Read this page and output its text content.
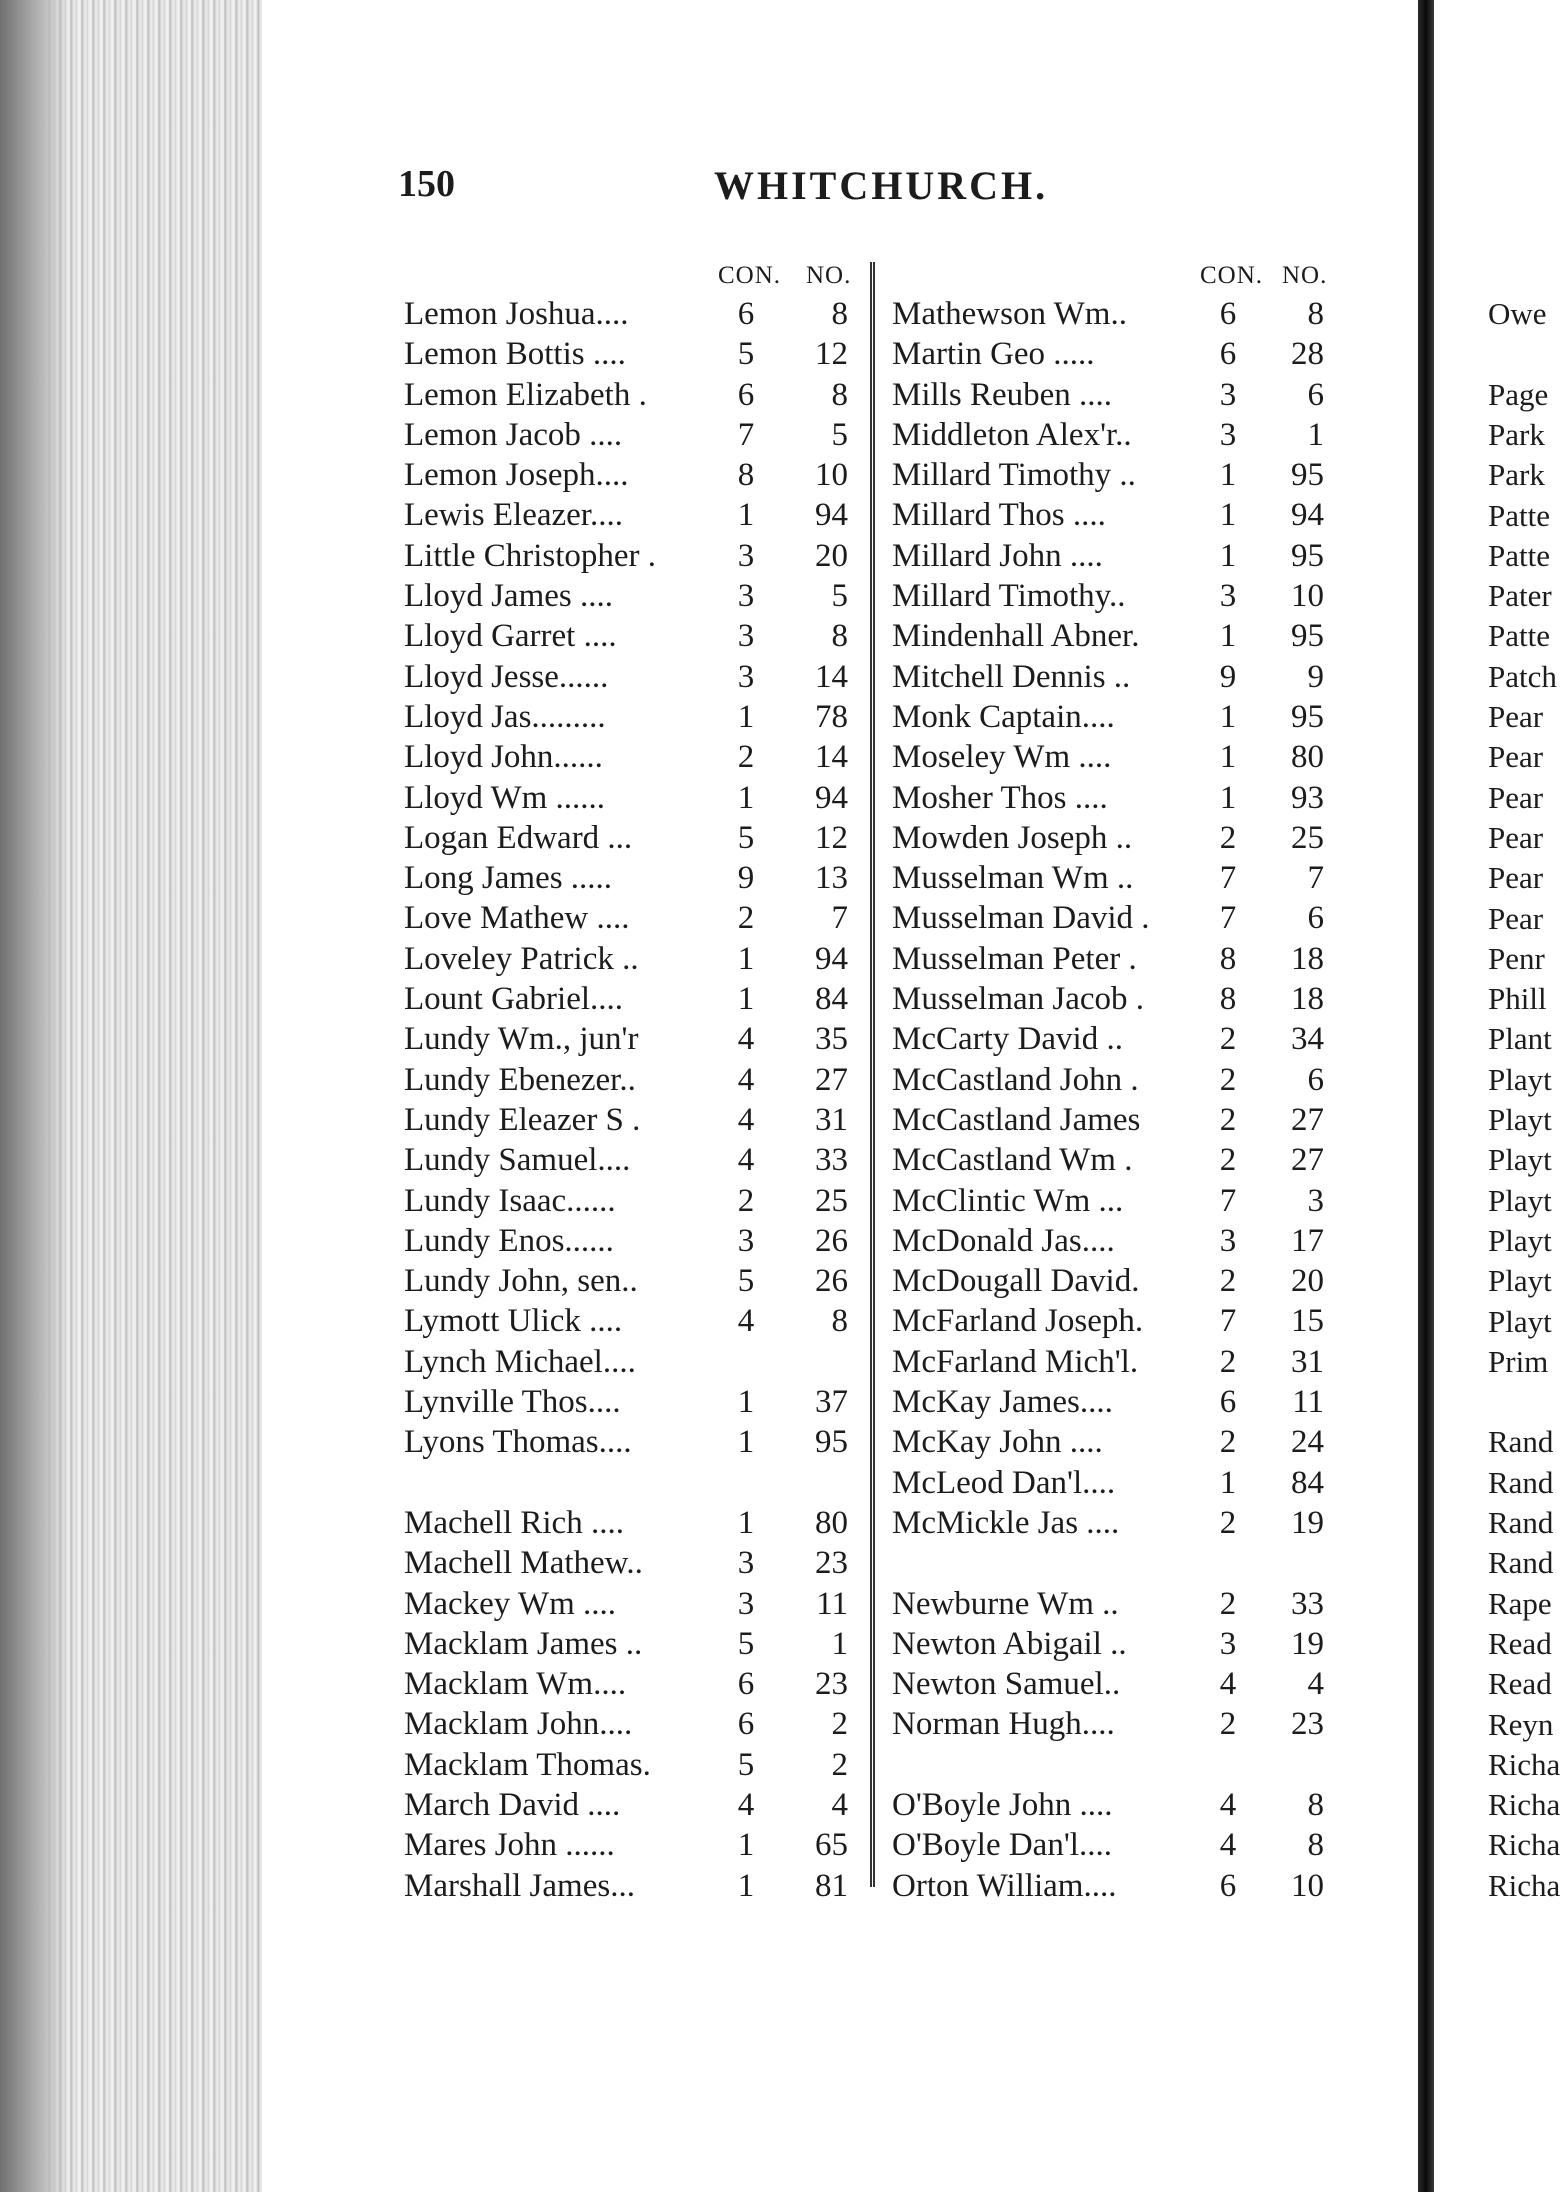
150	WHITCHURCH.
CON. NO.
Lemon Joshua....	6	8
Lemon Bottis ....	5	12
Lemon Elizabeth .	6	8
Lemon Jacob ....	7	5
Lemon Joseph....	8	10
Lewis Eleazer....	1	94
Little Christopher .	3	20
Lloyd James ....	3	5
Lloyd Garret ....	3	8
Lloyd Jesse......	3	14
Lloyd Jas.........	1	78
Lloyd John......	2	14
Lloyd Wm ......	1	94
Logan Edward ...	5	12
Long James .....	9	13
Love Mathew ....	2	7
Loveley Patrick ..	1	94
Lount Gabriel....	1	84
Lundy Wm., jun'r	4	35
Lundy Ebenezer..	4	27
Lundy Eleazer S .	4	31
Lundy Samuel....	4	33
Lundy Isaac......	2	25
Lundy Enos......	3	26
Lundy John, sen..	5	26
Lymott Ulick ....	4	8
Lynch Michael....
Lynville Thos....	1	37
Lyons Thomas....	1	95
Machell Rich ....	1	80
Machell Mathew..	3	23
Mackey Wm ....	3	11
Macklam James ..	5	1
Macklam Wm....	6	23
Macklam John....	6	2
Macklam Thomas.	5	2
March David ....	4	4
Mares John ......	1	65
Marshall James...	1	81
CON. NO.
Mathewson Wm..	6	8
Martin Geo .....	6	28
Mills Reuben ....	3	6
Middleton Alex'r..	3	1
Millard Timothy ..	1	95
Millard Thos ....	1	94
Millard John ....	1	95
Millard Timothy..	3	10
Mindenhall Abner.	1	95
Mitchell Dennis ..	9	9
Monk Captain....	1	95
Moseley Wm ....	1	80
Mosher Thos ....	1	93
Mowden Joseph ..	2	25
Musselman Wm ..	7	7
Musselman David .	7	6
Musselman Peter .	8	18
Musselman Jacob .	8	18
McCarty David ..	2	34
McCastland John .	2	6
McCastland James	2	27
McCastland Wm .	2	27
McClintic Wm ...	7	3
McDonald Jas....	3	17
McDougall David.	2	20
McFarland Joseph.	7	15
McFarland Mich'l.	2	31
McKay James....	6	11
McKay John ....	2	24
McLeod Dan'l....	1	84
McMickle Jas ....	2	19
Newburne Wm ..	2	33
Newton Abigail ..	3	19
Newton Samuel..	4	4
Norman Hugh....	2	23
O'Boyle John ....	4	8
O'Boyle Dan'l....	4	8
Orton William....	6	10
Owe
Page
Park
Park
Patte
Patte
Pater
Patte
Patch
Pear
Pear
Pear
Pear
Pear
Pear
Penr
Phill
Plant
Playt
Playt
Playt
Playt
Playt
Playt
Playt
Prim
Rand
Rand
Rand
Rand
Rape
Read
Read
Reyn
Richa
Richa
Richa
Richa
